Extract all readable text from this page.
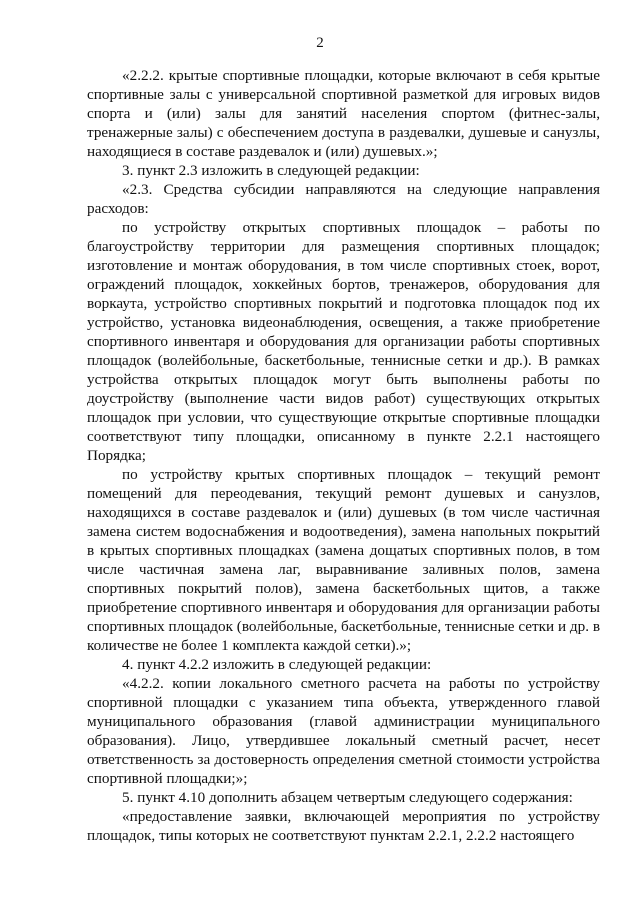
2

«2.2.2. крытые спортивные площадки, которые включают в себя крытые спортивные залы с универсальной спортивной разметкой для игровых видов спорта и (или) залы для занятий населения спортом (фитнес-залы, тренажерные залы) с обеспечением доступа в раздевалки, душевые и санузлы, находящиеся в составе раздевалок и (или) душевых.»;

3. пункт 2.3 изложить в следующей редакции:

«2.3. Средства субсидии направляются на следующие направления расходов:

по устройству открытых спортивных площадок – работы по благоустройству территории для размещения спортивных площадок; изготовление и монтаж оборудования, в том числе спортивных стоек, ворот, ограждений площадок, хоккейных бортов, тренажеров, оборудования для воркаута, устройство спортивных покрытий и подготовка площадок под их устройство, установка видеонаблюдения, освещения, а также приобретение спортивного инвентаря и оборудования для организации работы спортивных площадок (волейбольные, баскетбольные, теннисные сетки и др.). В рамках устройства открытых площадок могут быть выполнены работы по доустройству (выполнение части видов работ) существующих открытых площадок при условии, что существующие открытые спортивные площадки соответствуют типу площадки, описанному в пункте 2.2.1 настоящего Порядка;

по устройству крытых спортивных площадок – текущий ремонт помещений для переодевания, текущий ремонт душевых и санузлов, находящихся в составе раздевалок и (или) душевых (в том числе частичная замена систем водоснабжения и водоотведения), замена напольных покрытий в крытых спортивных площадках (замена дощатых спортивных полов, в том числе частичная замена лаг, выравнивание заливных полов, замена спортивных покрытий полов), замена баскетбольных щитов, а также приобретение спортивного инвентаря и оборудования для организации работы спортивных площадок (волейбольные, баскетбольные, теннисные сетки и др. в количестве не более 1 комплекта каждой сетки).»;

4. пункт 4.2.2 изложить в следующей редакции:

«4.2.2. копии локального сметного расчета на работы по устройству спортивной площадки с указанием типа объекта, утвержденного главой муниципального образования (главой администрации муниципального образования). Лицо, утвердившее локальный сметный расчет, несет ответственность за достоверность определения сметной стоимости устройства спортивной площадки;»;

5. пункт 4.10 дополнить абзацем четвертым следующего содержания:

«предоставление заявки, включающей мероприятия по устройству площадок, типы которых не соответствуют пунктам 2.2.1, 2.2.2 настоящего
